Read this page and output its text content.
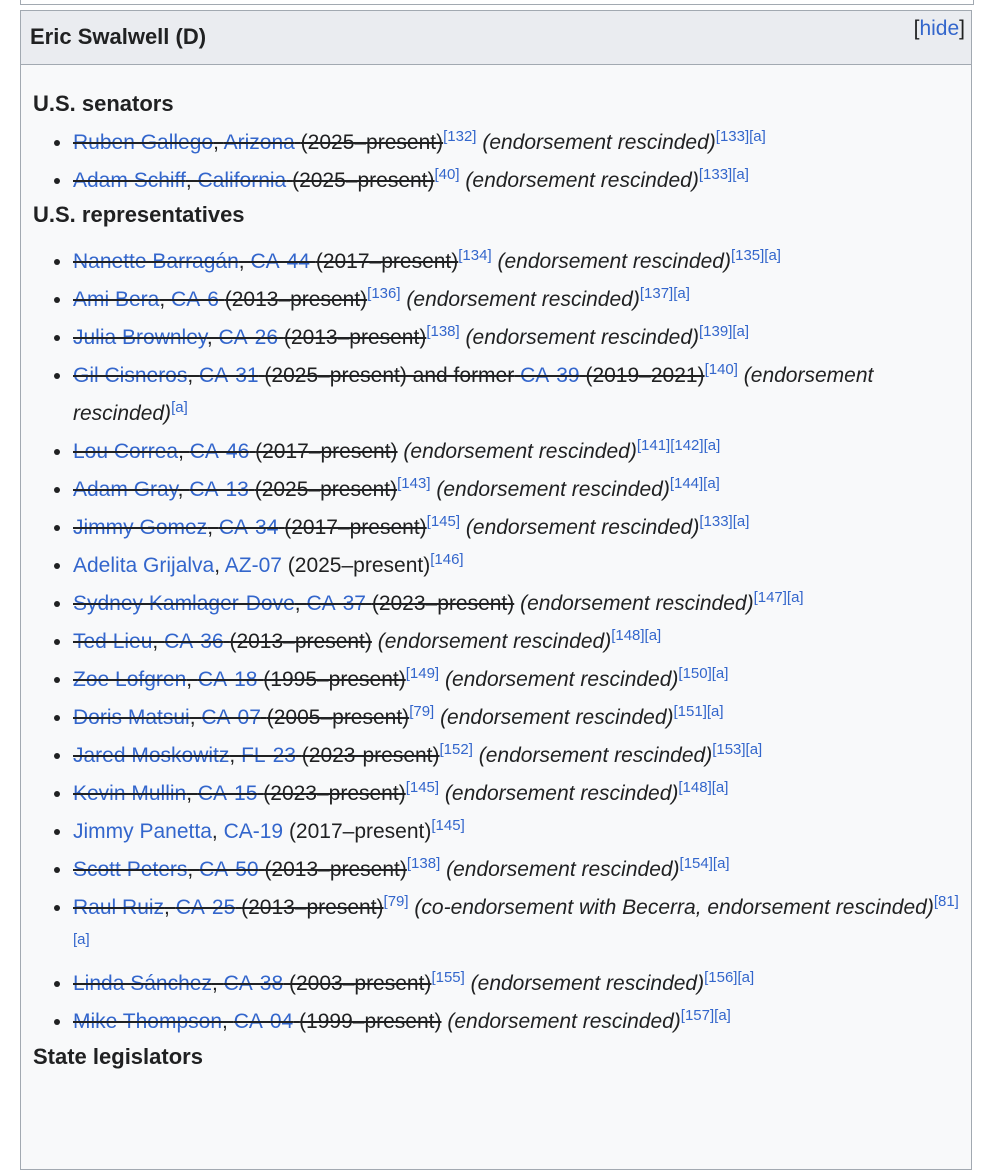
Eric Swalwell (D)	[hide]
U.S. senators
• Ruben Gallego, Arizona (2025–present)[132] (endorsement rescinded)[133][a]
• Adam Schiff, California (2025–present)[40] (endorsement rescinded)[133][a]
U.S. representatives
• Nanette Barragán, CA-44 (2017–present)[134] (endorsement rescinded)[135][a]
• Ami Bera, CA-6 (2013–present)[136] (endorsement rescinded)[137][a]
• Julia Brownley, CA-26 (2013–present)[138] (endorsement rescinded)[139][a]
• Gil Cisneros, CA-31 (2025–present) and former CA-39 (2019–2021)[140] (endorsement rescinded)[a]
• Lou Correa, CA-46 (2017–present) (endorsement rescinded)[141][142][a]
• Adam Gray, CA-13 (2025–present)[143] (endorsement rescinded)[144][a]
• Jimmy Gomez, CA-34 (2017–present)[145] (endorsement rescinded)[133][a]
• Adelita Grijalva, AZ-07 (2025–present)[146]
• Sydney Kamlager-Dove, CA-37 (2023–present) (endorsement rescinded)[147][a]
• Ted Lieu, CA-36 (2013–present) (endorsement rescinded)[148][a]
• Zoe Lofgren, CA-18 (1995–present)[149] (endorsement rescinded)[150][a]
• Doris Matsui, CA-07 (2005–present)[79] (endorsement rescinded)[151][a]
• Jared Moskowitz, FL-23 (2023-present)[152] (endorsement rescinded)[153][a]
• Kevin Mullin, CA-15 (2023–present)[145] (endorsement rescinded)[148][a]
• Jimmy Panetta, CA-19 (2017–present)[145]
• Scott Peters, CA-50 (2013–present)[138] (endorsement rescinded)[154][a]
• Raul Ruiz, CA-25 (2013–present)[79] (co-endorsement with Becerra, endorsement rescinded)[81][a]
• Linda Sánchez, CA-38 (2003–present)[155] (endorsement rescinded)[156][a]
• Mike Thompson, CA-04 (1999–present) (endorsement rescinded)[157][a]
State legislators
